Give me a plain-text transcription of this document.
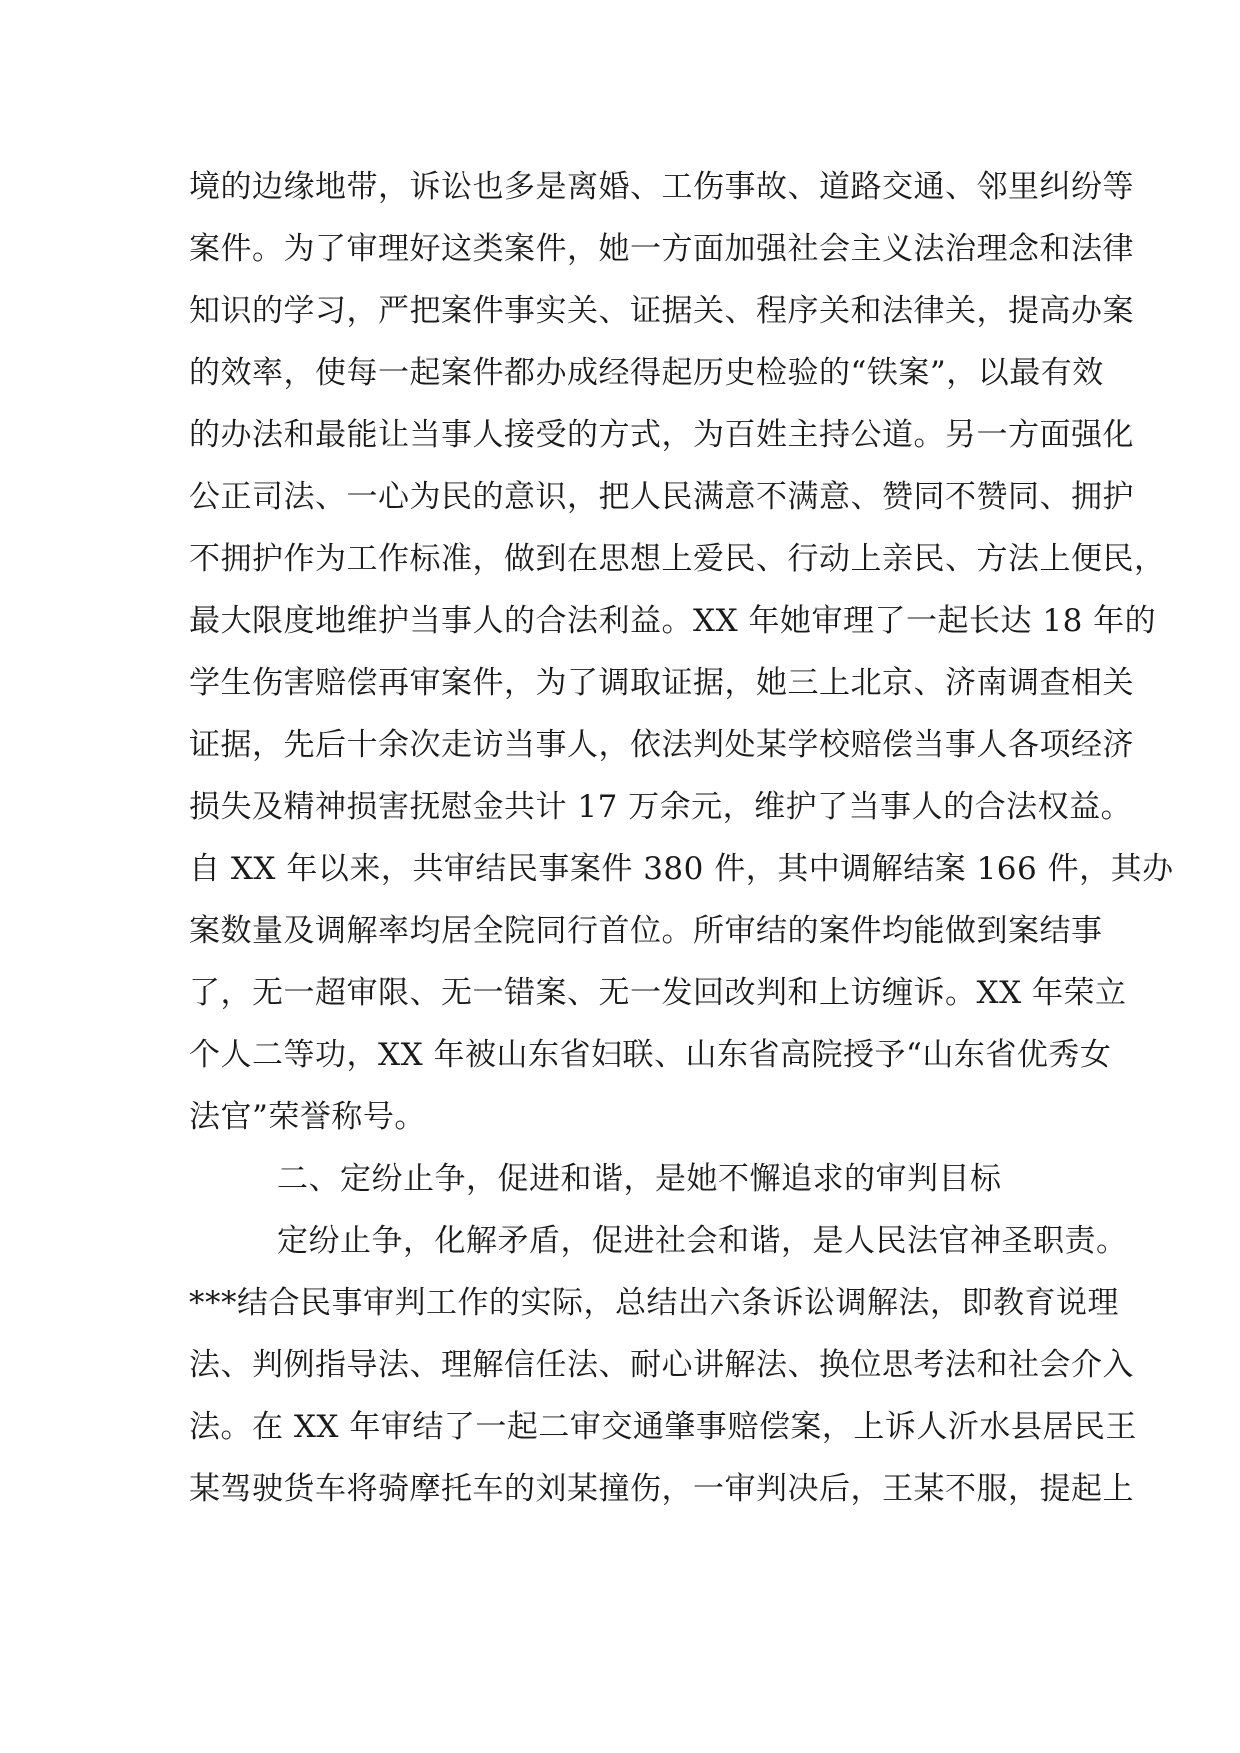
境的边缘地带，诉讼也多是离婚、工伤事故、道路交通、邻里纠纷等
案件。为了审理好这类案件，她一方面加强社会主义法治理念和法律
知识的学习，严把案件事实关、证据关、程序关和法律关，提高办案
的效率，使每一起案件都办成经得起历史检验的“铁案”，以最有效
的办法和最能让当事人接受的方式，为百姓主持公道。另一方面强化
公正司法、一心为民的意识，把人民满意不满意、赞同不赞同、拥护
不拥护作为工作标准，做到在思想上爱民、行动上亲民、方法上便民，
最大限度地维护当事人的合法利益。XX 年她审理了一起长达 18 年的
学生伤害赔偿再审案件，为了调取证据，她三上北京、济南调查相关
证据，先后十余次走访当事人，依法判处某学校赔偿当事人各项经济
损失及精神损害抚慰金共计 17 万余元，维护了当事人的合法权益。
自 XX 年以来，共审结民事案件 380 件，其中调解结案 166 件，其办
案数量及调解率均居全院同行首位。所审结的案件均能做到案结事
了，无一超审限、无一错案、无一发回改判和上访缠诉。XX 年荣立
个人二等功，XX 年被山东省妇联、山东省高院授予“山东省优秀女
法官”荣誉称号。
二、定纷止争，促进和谐，是她不懈追求的审判目标
定纷止争，化解矛盾，促进社会和谐，是人民法官神圣职责。
***结合民事审判工作的实际，总结出六条诉讼调解法，即教育说理
法、判例指导法、理解信任法、耐心讲解法、换位思考法和社会介入
法。在 XX 年审结了一起二审交通肇事赔偿案，上诉人沂水县居民王
某驾驶货车将骑摩托车的刘某撞伤，一审判决后，王某不服，提起上
